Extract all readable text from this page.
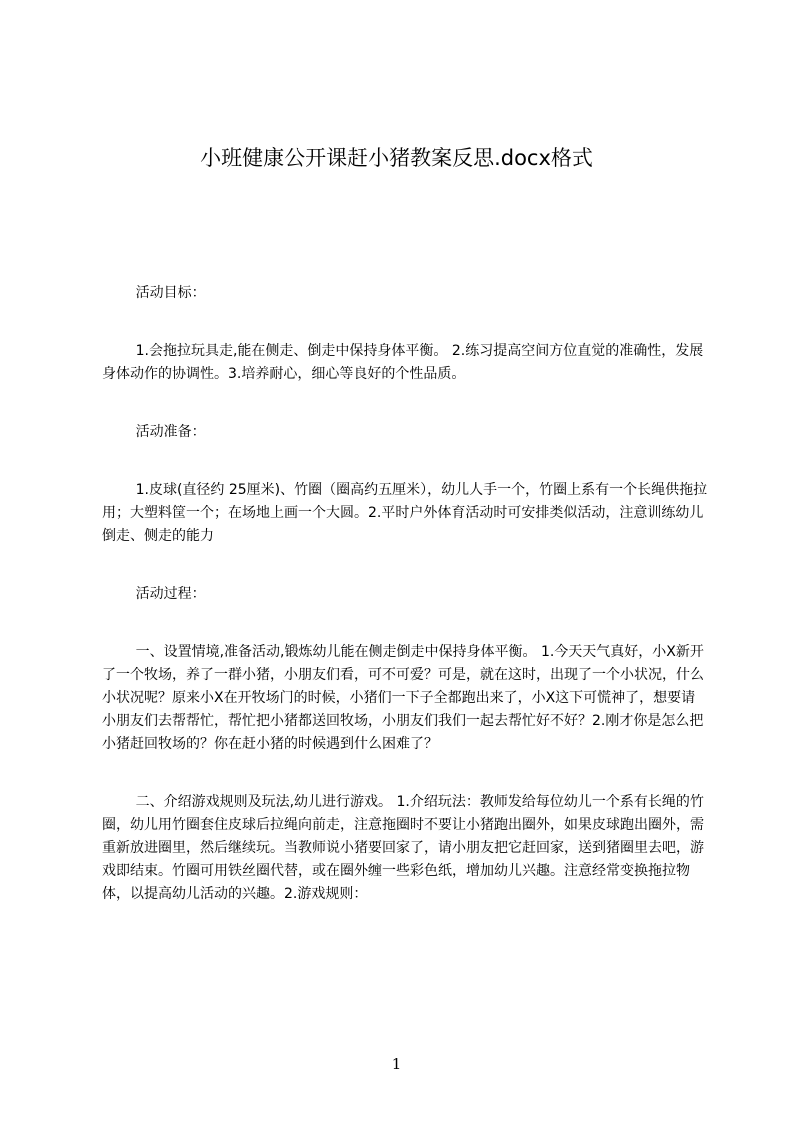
小班健康公开课赶小猪教案反思.docx格式

活动目标：

1.会拖拉玩具走,能在侧走、倒走中保持身体平衡。 2.练习提高空间方位直觉的准确性，发展身体动作的协调性。3.培养耐心，细心等良好的个性品质。

活动准备：

1.皮球(直径约 25厘米)、竹圈（圈高约五厘米），幼儿人手一个，竹圈上系有一个长绳供拖拉用；大塑料筐一个；在场地上画一个大圆。2.平时户外体育活动时可安排类似活动，注意训练幼儿倒走、侧走的能力

活动过程：

一、设置情境,准备活动,锻炼幼儿能在侧走倒走中保持身体平衡。 1.今天天气真好，小X新开了一个牧场，养了一群小猪，小朋友们看，可不可爱？可是，就在这时，出现了一个小状况，什么小状况呢？原来小X在开牧场门的时候，小猪们一下子全都跑出来了，小X这下可慌神了，想要请小朋友们去帮帮忙，帮忙把小猪都送回牧场，小朋友们我们一起去帮忙好不好？2.刚才你是怎么把小猪赶回牧场的？你在赶小猪的时候遇到什么困难了？

二、介绍游戏规则及玩法,幼儿进行游戏。 1.介绍玩法：教师发给每位幼儿一个系有长绳的竹圈，幼儿用竹圈套住皮球后拉绳向前走，注意拖圈时不要让小猪跑出圈外，如果皮球跑出圈外，需重新放进圈里，然后继续玩。当教师说小猪要回家了，请小朋友把它赶回家，送到猪圈里去吧，游戏即结束。竹圈可用铁丝圈代替，或在圈外缠一些彩色纸，增加幼儿兴趣。注意经常变换拖拉物体，以提高幼儿活动的兴趣。2.游戏规则：

1
